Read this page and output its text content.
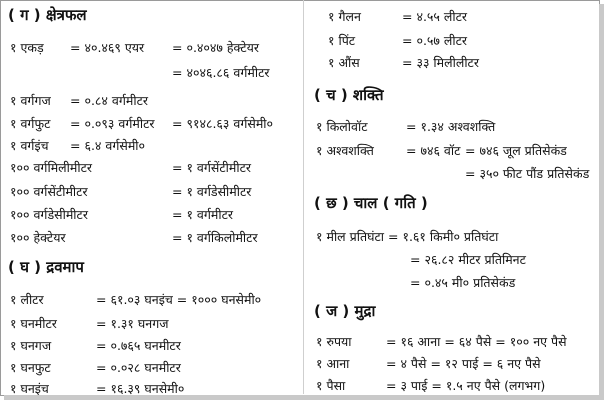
( ग ) क्षेत्रफल
१ एकड़ = ४०.४६९ एयर = ०.४०४७ हेक्टेयर
= ४०४६.८६ वर्गमीटर
१ वर्गगज = ०.८४ वर्गमीटर
१ वर्गफुट = ०.०९३ वर्गमीटर = ९१४८.६३ वर्गसेमी०
१ वर्गइंच = ६.४ वर्गसेमी०
१०० वर्गमिलीमीटर	= १ वर्गसेंटीमीटर
१०० वर्गसेंटीमीटर	= १ वर्गडेसीमीटर
१०० वर्गडेसीमीटर	= १ वर्गमीटर
१०० हेक्टेयर	= १ वर्गकिलोमीटर
( घ ) द्रवमाप
१ लीटर	= ६१.०३ घनइंच = १००० घनसेमी०
१ घनमीटर	= १.३१ घनगज
१ घनगज	= ०.७६५ घनमीटर
१ घनफुट	= ०.०२८ घनमीटर
१ घनइंच	= १६.३९ घनसेमी०
१ गैलन	= ४.५५ लीटर
१ पिंट	= ०.५७ लीटर
१ औंस	= ३३ मिलीलीटर
( च ) शक्ति
१ किलोवॉट	= १.३४ अश्वशक्ति
१ अश्वशक्ति	= ७४६ वॉट = ७४६ जूल प्रतिसेकंड
= ३५० फीट पौंड प्रतिसेकंड
( छ ) चाल ( गति )
१ मील प्रतिघंटा = १.६१ किमी० प्रतिघंटा
= २६.८२ मीटर प्रतिमिनट
= ०.४५ मी० प्रतिसेकंड
( ज ) मुद्रा
१ रुपया	= १६ आना = ६४ पैसे = १०० नए पैसे
१ आना	= ४ पैसे = १२ पाई = ६ नए पैसे
१ पैसा	= ३ पाई = १.५ नए पैसे (लगभग)
